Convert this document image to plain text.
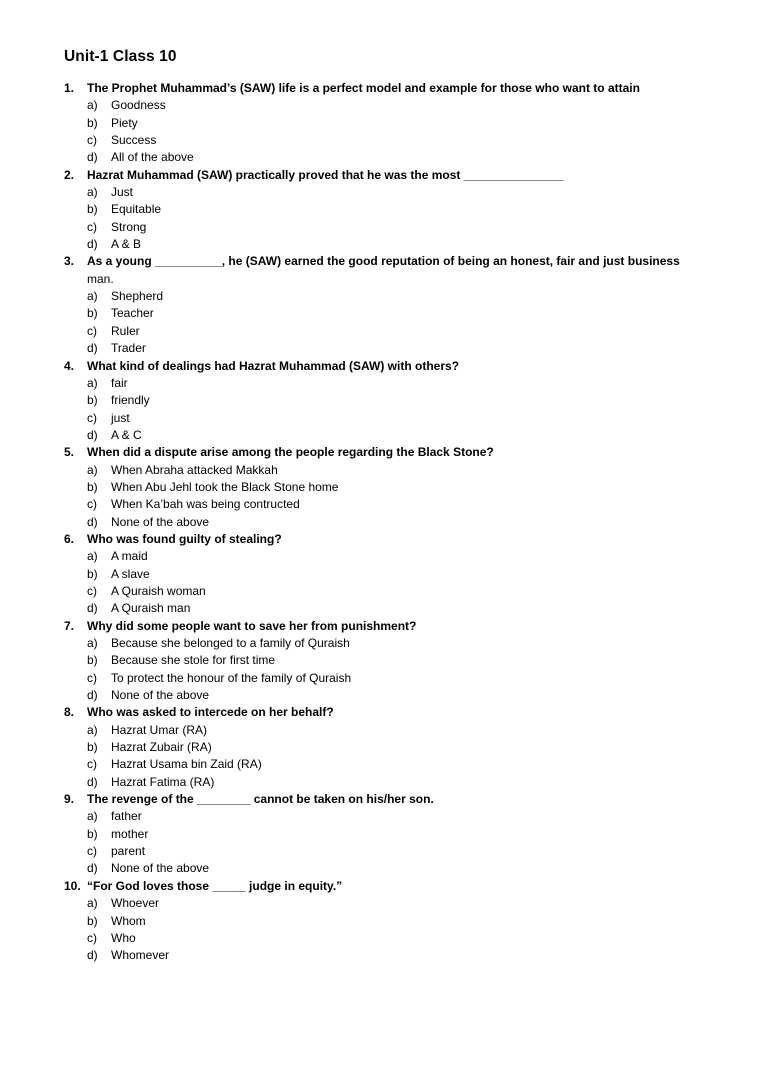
Unit-1 Class 10
1.	The Prophet Muhammad’s (SAW) life is a perfect model and example for those who want to attain
a)	Goodness
b)	Piety
c)	Success
d)	All of the above
2.	Hazrat Muhammad (SAW) practically proved that he was the most _______________
a)	Just
b)	Equitable
c)	Strong
d)	A & B
3.	As a young __________, he (SAW) earned the good reputation of being an honest, fair and just business
man.
a)	Shepherd
b)	Teacher
c)	Ruler
d)	Trader
4.	What kind of dealings had Hazrat Muhammad (SAW) with others?
a)	fair
b)	friendly
c)	just
d)	A & C
5.	When did a dispute arise among the people regarding the Black Stone?
a)	When Abraha attacked Makkah
b)	When Abu Jehl took the Black Stone home
c)	When Ka’bah was being contructed
d)	None of the above
6.	Who was found guilty of stealing?
a)	A maid
b)	A slave
c)	A Quraish woman
d)	A Quraish man
7.	Why did some people want to save her from punishment?
a)	Because she belonged to a family of Quraish
b)	Because she stole for first time
c)	To protect the honour of the family of Quraish
d)	None of the above
8.	Who was asked to intercede on her behalf?
a)	Hazrat Umar (RA)
b)	Hazrat Zubair (RA)
c)	Hazrat Usama bin Zaid (RA)
d)	Hazrat Fatima (RA)
9.	The revenge of the ________ cannot be taken on his/her son.
a)	father
b)	mother
c)	parent
d)	None of the above
10. “For God loves those _____ judge in equity.”
a)	Whoever
b)	Whom
c)	Who
d)	Whomever
